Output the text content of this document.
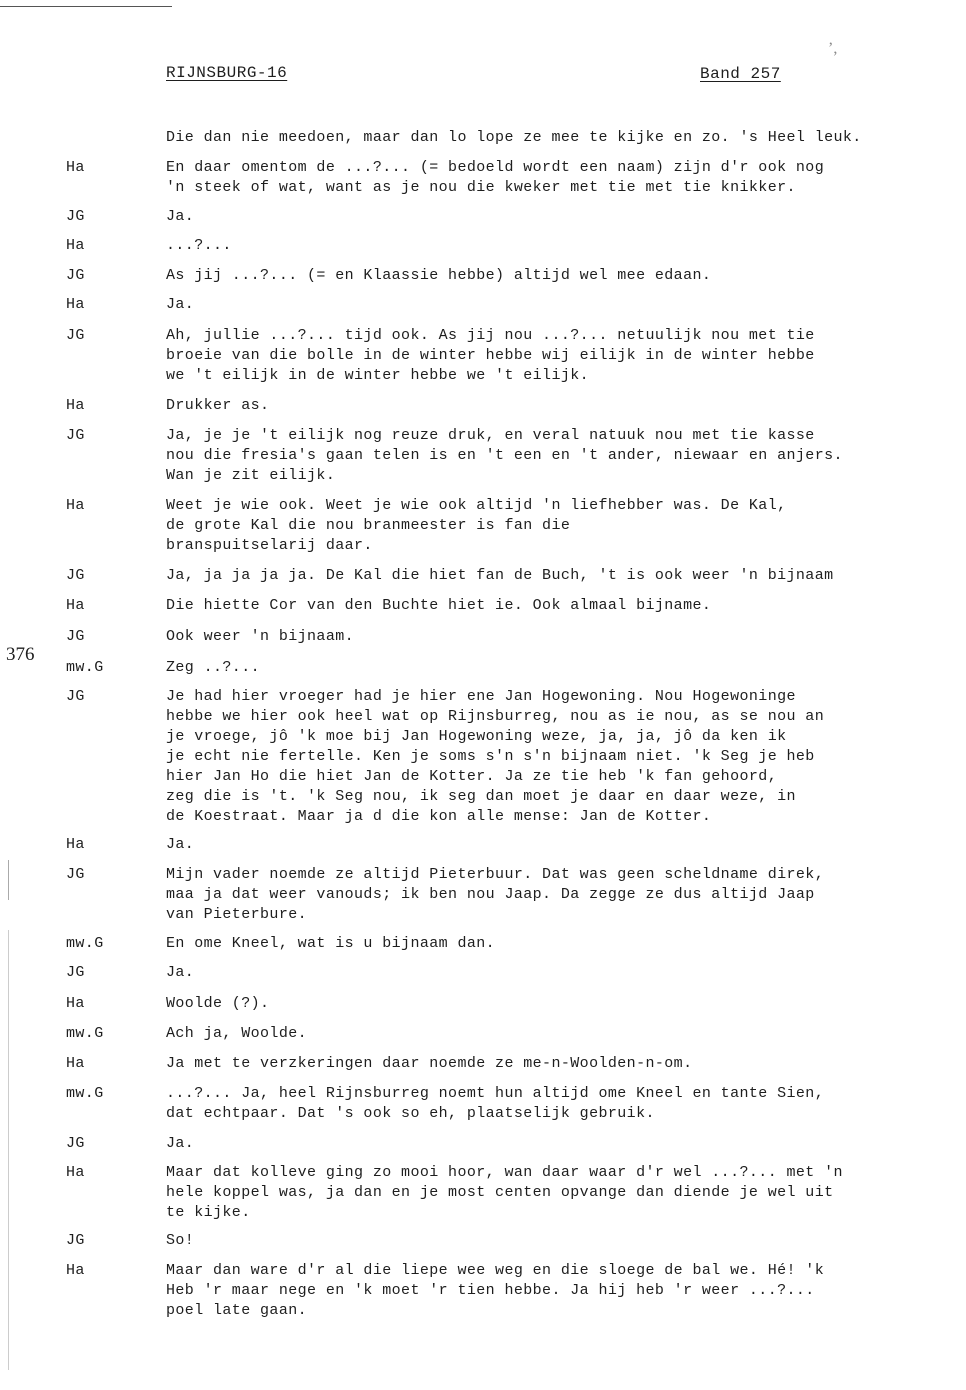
RIJNSBURG-16	Band 257
’,
376
Die dan nie meedoen, maar dan lo lope ze mee te kijke en zo. 's Heel leuk.
Ha	En daar omentom de ...?... (= bedoeld wordt een naam) zijn d'r ook nog
'n steek of wat, want as je nou die kweker met tie met tie knikker.
JG	Ja.
Ha	...?...
JG	As jij ...?... (= en Klaassie hebbe) altijd wel mee edaan.
Ha	Ja.
JG	Ah, jullie ...?... tijd ook. As jij nou ...?... netuulijk nou met tie
broeie van die bolle in de winter hebbe wij eilijk in de winter hebbe
we 't eilijk in de winter hebbe we 't eilijk.
Ha	Drukker as.
JG	Ja, je je 't eilijk nog reuze druk, en veral natuuk nou met tie kasse
nou die fresia's gaan telen is en 't een en 't ander, niewaar en anjers.
Wan je zit eilijk.
Ha	Weet je wie ook. Weet je wie ook altijd 'n liefhebber was. De Kal,
de grote Kal die nou branmeester is fan die
branspuitselarij daar.
JG	Ja, ja ja ja ja. De Kal die hiet fan de Buch, 't is ook weer 'n bijnaam
Ha	Die hiette Cor van den Buchte hiet ie. Ook almaal bijname.
JG	Ook weer 'n bijnaam.
mw.G	Zeg ..?...
JG	Je had hier vroeger had je hier ene Jan Hogewoning. Nou Hogewoninge
hebbe we hier ook heel wat op Rijnsburreg, nou as ie nou, as se nou an
je vroege, jô 'k moe bij Jan Hogewoning weze, ja, ja, jô da ken ik
je echt nie fertelle. Ken je soms s'n s'n bijnaam niet. 'k Seg je heb
hier Jan Ho die hiet Jan de Kotter. Ja ze tie heb 'k fan gehoord,
zeg die is 't. 'k Seg nou, ik seg dan moet je daar en daar weze, in
de Koestraat. Maar ja d die kon alle mense: Jan de Kotter.
Ha	Ja.
JG	Mijn vader noemde ze altijd Pieterbuur. Dat was geen scheldname direk,
maa ja dat weer vanouds; ik ben nou Jaap. Da zegge ze dus altijd Jaap
van Pieterbure.
mw.G	En ome Kneel, wat is u bijnaam dan.
JG	Ja.
Ha	Woolde (?).
mw.G	Ach ja, Woolde.
Ha	Ja met te verzkeringen daar noemde ze me-n-Woolden-n-om.
mw.G	...?... Ja, heel Rijnsburreg noemt hun altijd ome Kneel en tante Sien,
dat echtpaar. Dat 's ook so eh, plaatselijk gebruik.
JG	Ja.
Ha	Maar dat kolleve ging zo mooi hoor, wan daar waar d'r wel ...?... met 'n
hele koppel was, ja dan en je most centen opvange dan diende je wel uit
te kijke.
JG	So!
Ha	Maar dan ware d'r al die liepe wee weg en die sloege de bal we. Hé! 'k
Heb 'r maar nege en 'k moet 'r tien hebbe. Ja hij heb 'r weer ...?...
poel late gaan.
